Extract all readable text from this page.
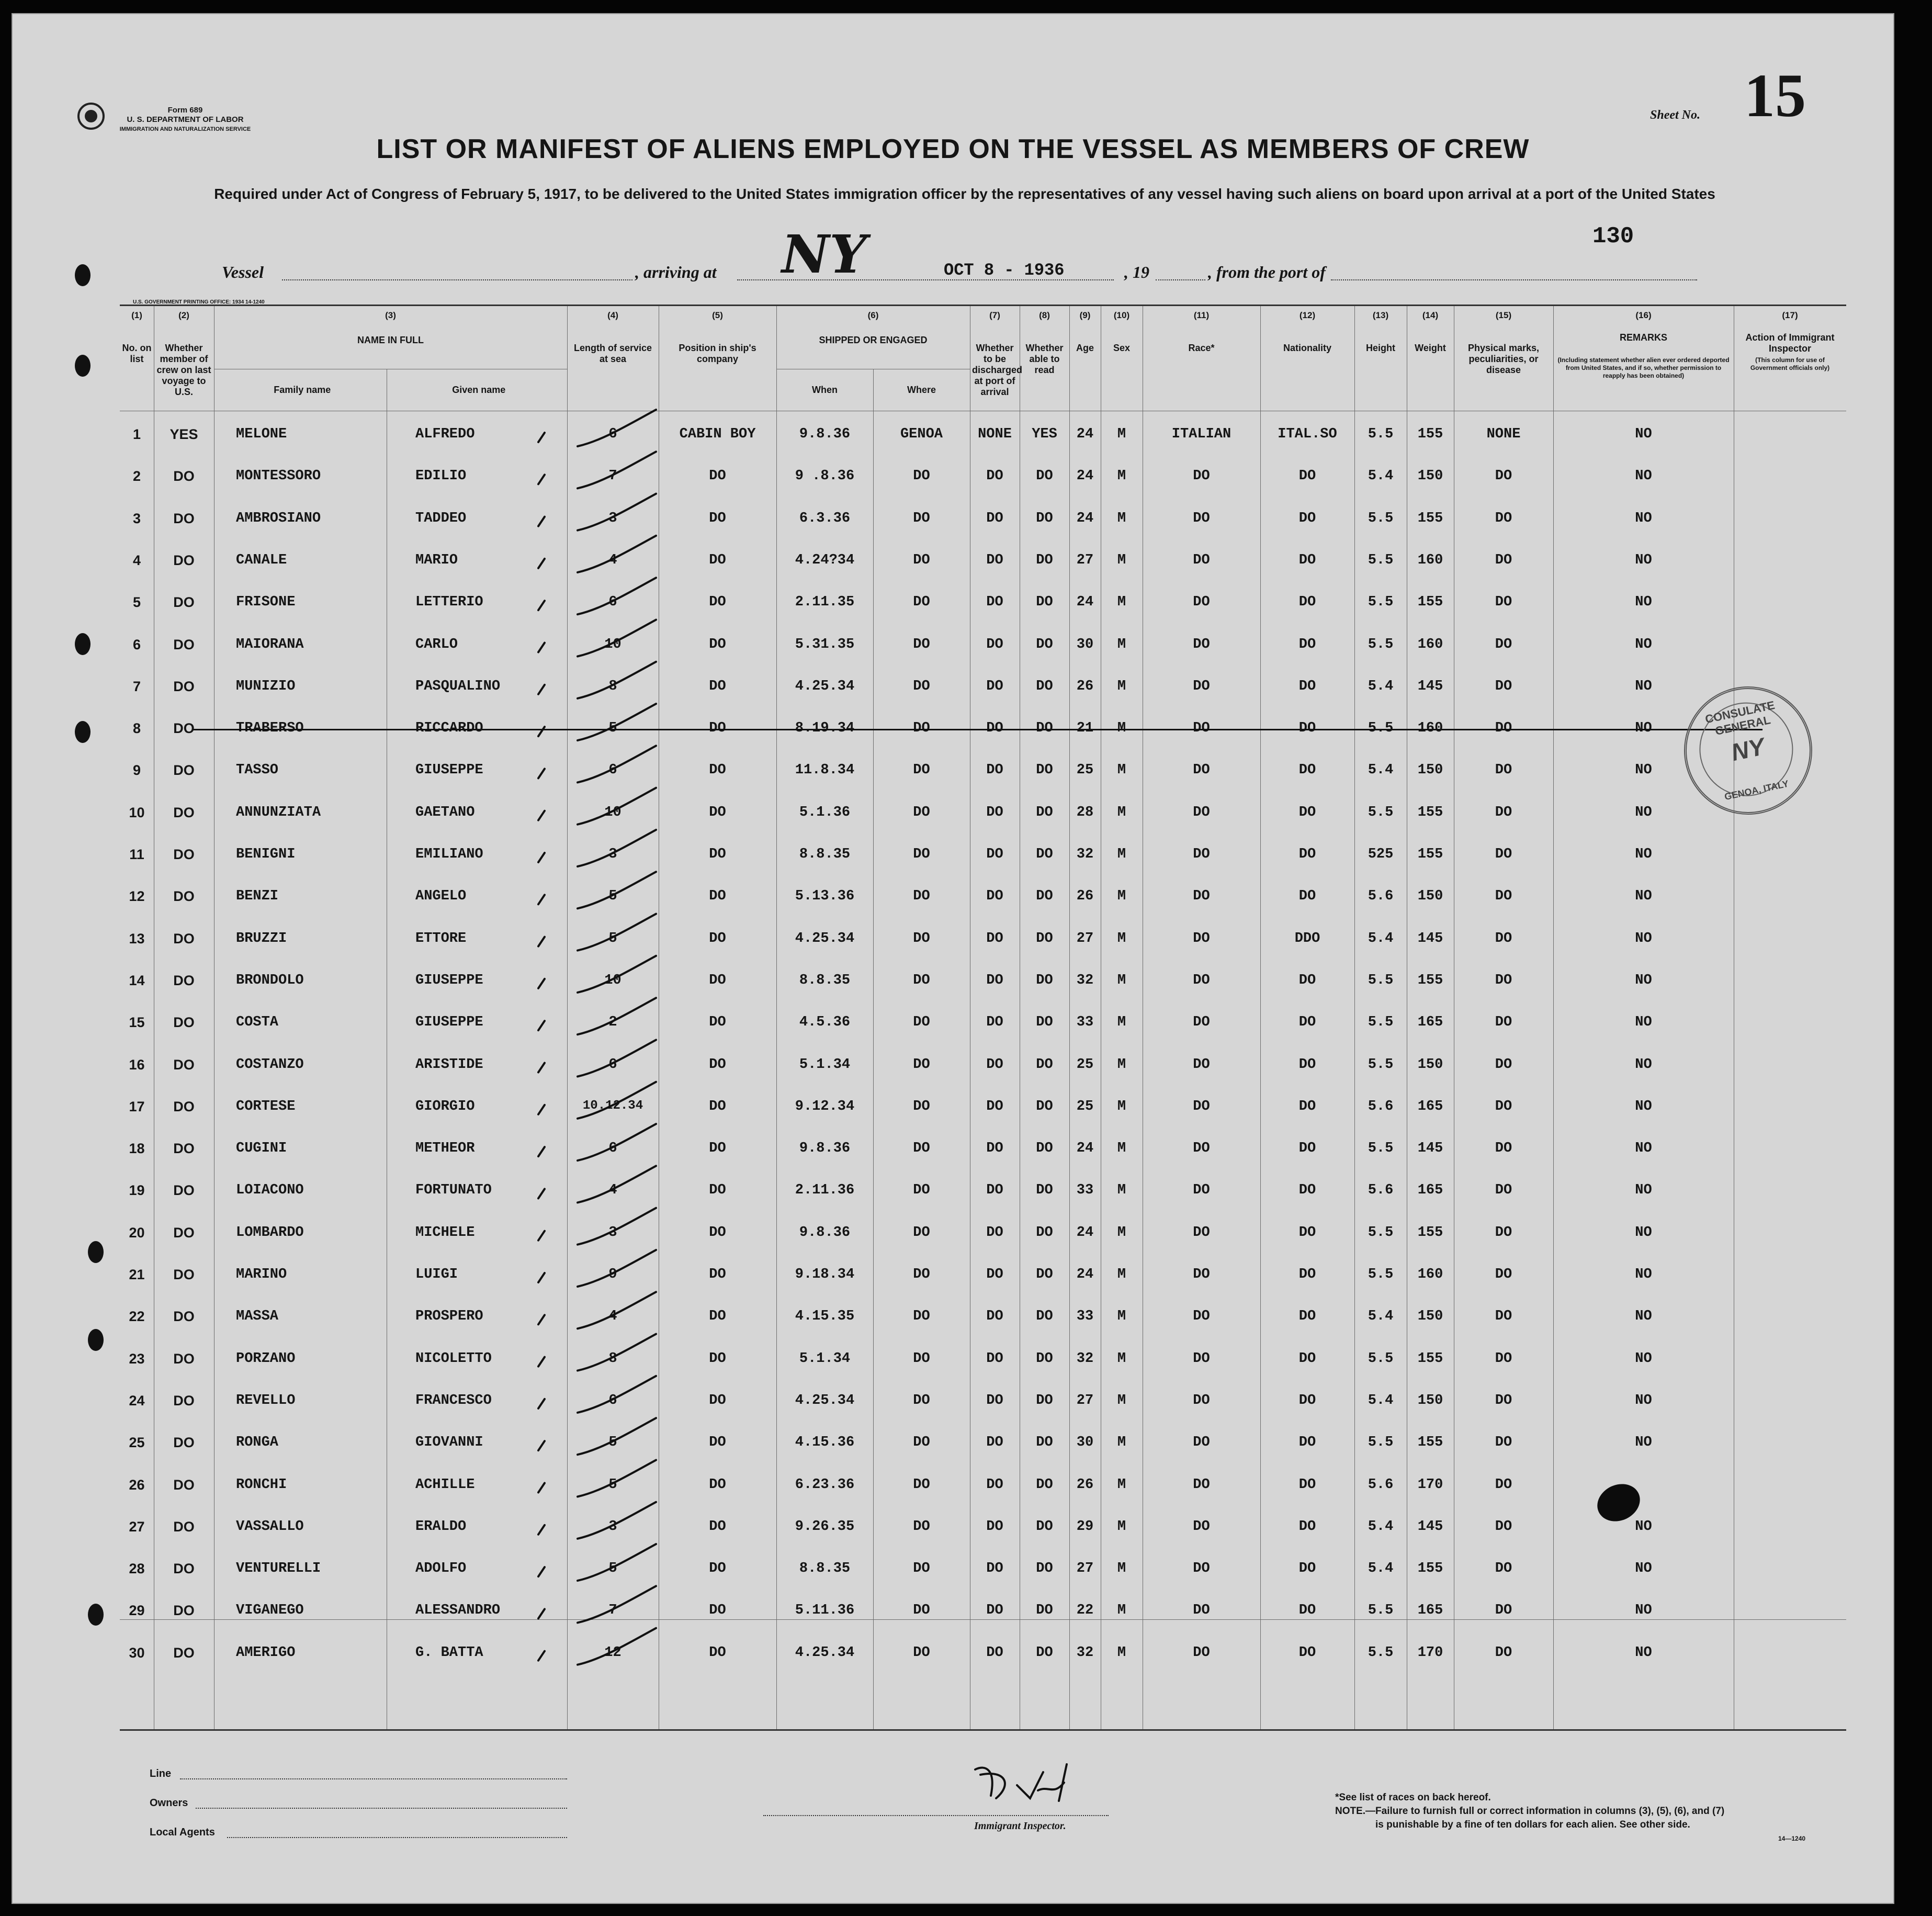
Form 689
U. S. DEPARTMENT OF LABOR
IMMIGRATION AND NATURALIZATION SERVICE
Sheet No. 15
LIST OR MANIFEST OF ALIENS EMPLOYED ON THE VESSEL AS MEMBERS OF CREW
Required under Act of Congress of February 5, 1917, to be delivered to the United States immigration officer by the representatives of any vessel having such aliens on board upon arrival at a port of the United States
130
Vessel	, arriving at NY	OCT 8 - 1936	, 19	, from the port of
U.S. GOVERNMENT PRINTING OFFICE: 1934 14-1240
(1)
No. on list
(2)
Whether member of crew on last voyage to U.S.
(3)
NAME IN FULL
Family name	Given name
(4)
Length of service at sea
(5)
Position in ship's company
(6)
SHIPPED OR ENGAGED
When	Where
(7)
Whether to be discharged at port of arrival
(8)
Whether able to read
(9)
Age
(10)
Sex
(11)
Race*
(12)
Nationality
(13)
Height
(14)
Weight
(15)
Physical marks, peculiarities, or disease
(16)
REMARKS
(Including statement whether alien ever ordered deported from United States, and if so, whether permission to reapply has been obtained)
(17)
Action of Immigrant Inspector
(This column for use of Government officials only)
1	YES	MELONE	ALFREDO	6	CABIN BOY	9.8.36	GENOA	NONE	YES	24	M	ITALIAN	ITAL.SO	5.5	155	NONE	NO
2	DO	MONTESSORO	EDILIO	7	DO	9 .8.36	DO	DO	DO	24	M	DO	DO	5.4	150	DO	NO
3	DO	AMBROSIANO	TADDEO	3	DO	6.3.36	DO	DO	DO	24	M	DO	DO	5.5	155	DO	NO
4	DO	CANALE	MARIO	4	DO	4.24?34	DO	DO	DO	27	M	DO	DO	5.5	160	DO	NO
5	DO	FRISONE	LETTERIO	6	DO	2.11.35	DO	DO	DO	24	M	DO	DO	5.5	155	DO	NO
6	DO	MAIORANA	CARLO	10	DO	5.31.35	DO	DO	DO	30	M	DO	DO	5.5	160	DO	NO
7	DO	MUNIZIO	PASQUALINO	8	DO	4.25.34	DO	DO	DO	26	M	DO	DO	5.4	145	DO	NO
8	DO	TRABERSO	RICCARDO	5	DO	8.19.34	DO	DO	DO	21	M	DO	DO	5.5	160	DO	NO
9	DO	TASSO	GIUSEPPE	6	DO	11.8.34	DO	DO	DO	25	M	DO	DO	5.4	150	DO	NO
10	DO	ANNUNZIATA	GAETANO	10	DO	5.1.36	DO	DO	DO	28	M	DO	DO	5.5	155	DO	NO
11	DO	BENIGNI	EMILIANO	3	DO	8.8.35	DO	DO	DO	32	M	DO	DO	525	155	DO	NO
12	DO	BENZI	ANGELO	5	DO	5.13.36	DO	DO	DO	26	M	DO	DO	5.6	150	DO	NO
13	DO	BRUZZI	ETTORE	5	DO	4.25.34	DO	DO	DO	27	M	DO	DDO	5.4	145	DO	NO
14	DO	BRONDOLO	GIUSEPPE	10	DO	8.8.35	DO	DO	DO	32	M	DO	DO	5.5	155	DO	NO
15	DO	COSTA	GIUSEPPE	2	DO	4.5.36	DO	DO	DO	33	M	DO	DO	5.5	165	DO	NO
16	DO	COSTANZO	ARISTIDE	6	DO	5.1.34	DO	DO	DO	25	M	DO	DO	5.5	150	DO	NO
17	DO	CORTESE	GIORGIO	10.12.34	DO	9.12.34	DO	DO	DO	25	M	DO	DO	5.6	165	DO	NO
18	DO	CUGINI	METHEOR	6	DO	9.8.36	DO	DO	DO	24	M	DO	DO	5.5	145	DO	NO
19	DO	LOIACONO	FORTUNATO	4	DO	2.11.36	DO	DO	DO	33	M	DO	DO	5.6	165	DO	NO
20	DO	LOMBARDO	MICHELE	3	DO	9.8.36	DO	DO	DO	24	M	DO	DO	5.5	155	DO	NO
21	DO	MARINO	LUIGI	9	DO	9.18.34	DO	DO	DO	24	M	DO	DO	5.5	160	DO	NO
22	DO	MASSA	PROSPERO	4	DO	4.15.35	DO	DO	DO	33	M	DO	DO	5.4	150	DO	NO
23	DO	PORZANO	NICOLETTO	8	DO	5.1.34	DO	DO	DO	32	M	DO	DO	5.5	155	DO	NO
24	DO	REVELLO	FRANCESCO	6	DO	4.25.34	DO	DO	DO	27	M	DO	DO	5.4	150	DO	NO
25	DO	RONGA	GIOVANNI	5	DO	4.15.36	DO	DO	DO	30	M	DO	DO	5.5	155	DO	NO
26	DO	RONCHI	ACHILLE	5	DO	6.23.36	DO	DO	DO	26	M	DO	DO	5.6	170	DO
27	DO	VASSALLO	ERALDO	3	DO	9.26.35	DO	DO	DO	29	M	DO	DO	5.4	145	DO	NO
28	DO	VENTURELLI	ADOLFO	5	DO	8.8.35	DO	DO	DO	27	M	DO	DO	5.4	155	DO	NO
29	DO	VIGANEGO	ALESSANDRO	7	DO	5.11.36	DO	DO	DO	22	M	DO	DO	5.5	165	DO	NO
30	DO	AMERIGO	G. BATTA	12	DO	4.25.34	DO	DO	DO	32	M	DO	DO	5.5	170	DO	NO
CONSULATE GENERAL
NY
GENOA, ITALY
Line
Owners
Local Agents
Immigrant Inspector.
*See list of races on back hereof.
NOTE.—Failure to furnish full or correct information in columns (3), (5), (6), and (7)
is punishable by a fine of ten dollars for each alien. See other side.
14—1240
